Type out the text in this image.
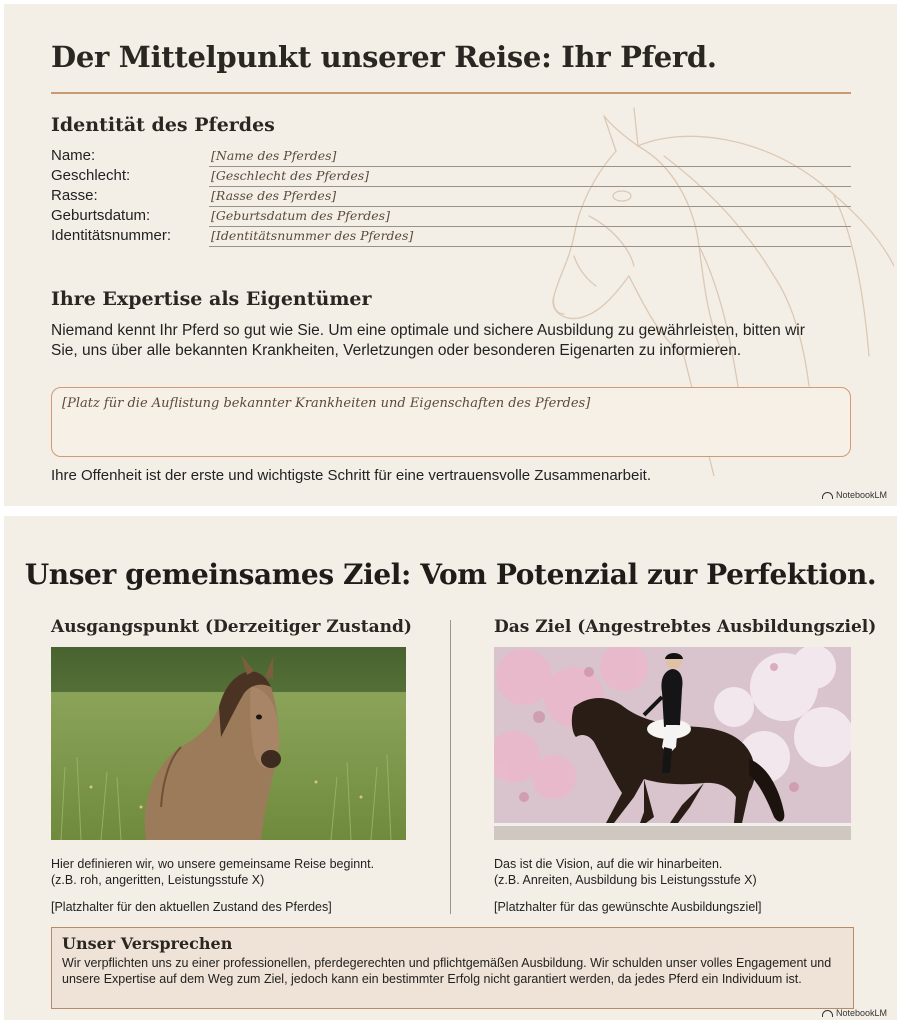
Der Mittelpunkt unserer Reise: Ihr Pferd.
Identität des Pferdes
Name:	[Name des Pferdes]
Geschlecht:	[Geschlecht des Pferdes]
Rasse:	[Rasse des Pferdes]
Geburtsdatum:	[Geburtsdatum des Pferdes]
Identitätsnummer:	[Identitätsnummer des Pferdes]
Ihre Expertise als Eigentümer
Niemand kennt Ihr Pferd so gut wie Sie. Um eine optimale und sichere Ausbildung zu gewährleisten, bitten wir Sie, uns über alle bekannten Krankheiten, Verletzungen oder besonderen Eigenarten zu informieren.
[Platz für die Auflistung bekannter Krankheiten und Eigenschaften des Pferdes]
Ihre Offenheit ist der erste und wichtigste Schritt für eine vertrauensvolle Zusammenarbeit.
NotebookLM
Unser gemeinsames Ziel: Vom Potenzial zur Perfektion.
Ausgangspunkt (Derzeitiger Zustand)	Das Ziel (Angestrebtes Ausbildungsziel)
Hier definieren wir, wo unsere gemeinsame Reise beginnt.
(z.B. roh, angeritten, Leistungsstufe X)
[Platzhalter für den aktuellen Zustand des Pferdes]
Das ist die Vision, auf die wir hinarbeiten.
(z.B. Anreiten, Ausbildung bis Leistungsstufe X)
[Platzhalter für das gewünschte Ausbildungsziel]
Unser Versprechen
Wir verpflichten uns zu einer professionellen, pferdegerechten und pflichtgemäßen Ausbildung. Wir schulden unser volles Engagement und unsere Expertise auf dem Weg zum Ziel, jedoch kann ein bestimmter Erfolg nicht garantiert werden, da jedes Pferd ein Individuum ist.
NotebookLM
